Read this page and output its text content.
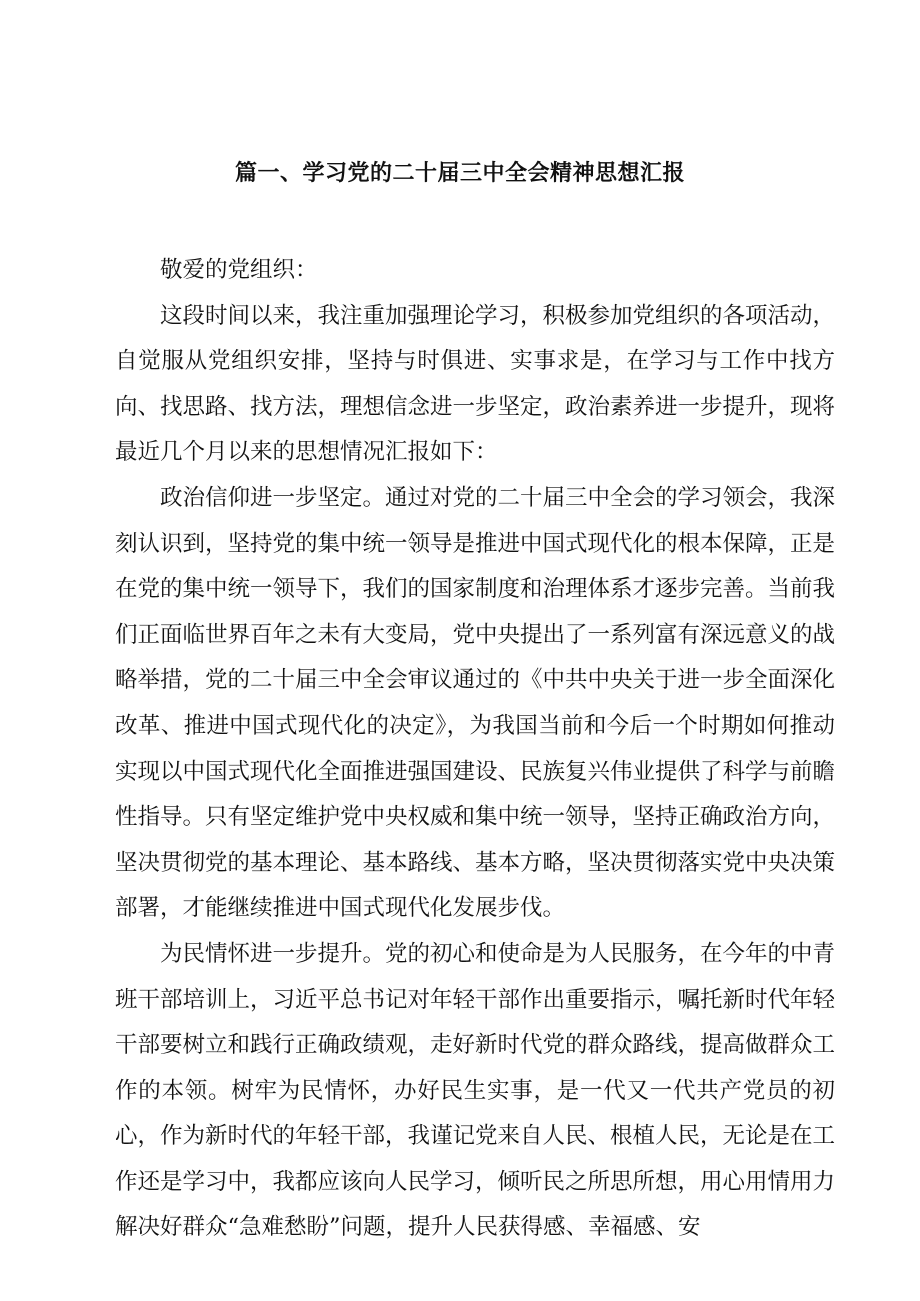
篇一、学习党的二十届三中全会精神思想汇报

敬爱的党组织：

这段时间以来，我注重加强理论学习，积极参加党组织的各项活动，自觉服从党组织安排，坚持与时俱进、实事求是，在学习与工作中找方向、找思路、找方法，理想信念进一步坚定，政治素养进一步提升，现将最近几个月以来的思想情况汇报如下：

政治信仰进一步坚定。通过对党的二十届三中全会的学习领会，我深刻认识到，坚持党的集中统一领导是推进中国式现代化的根本保障，正是在党的集中统一领导下，我们的国家制度和治理体系才逐步完善。当前我们正面临世界百年之未有大变局，党中央提出了一系列富有深远意义的战略举措，党的二十届三中全会审议通过的《中共中央关于进一步全面深化改革、推进中国式现代化的决定》，为我国当前和今后一个时期如何推动实现以中国式现代化全面推进强国建设、民族复兴伟业提供了科学与前瞻性指导。只有坚定维护党中央权威和集中统一领导，坚持正确政治方向，坚决贯彻党的基本理论、基本路线、基本方略，坚决贯彻落实党中央决策部署，才能继续推进中国式现代化发展步伐。

为民情怀进一步提升。党的初心和使命是为人民服务，在今年的中青班干部培训上，习近平总书记对年轻干部作出重要指示，嘱托新时代年轻干部要树立和践行正确政绩观，走好新时代党的群众路线，提高做群众工作的本领。树牢为民情怀，办好民生实事，是一代又一代共产党员的初心，作为新时代的年轻干部，我谨记党来自人民、根植人民，无论是在工作还是学习中，我都应该向人民学习，倾听民之所思所想，用心用情用力解决好群众“急难愁盼”问题，提升人民获得感、幸福感、安
